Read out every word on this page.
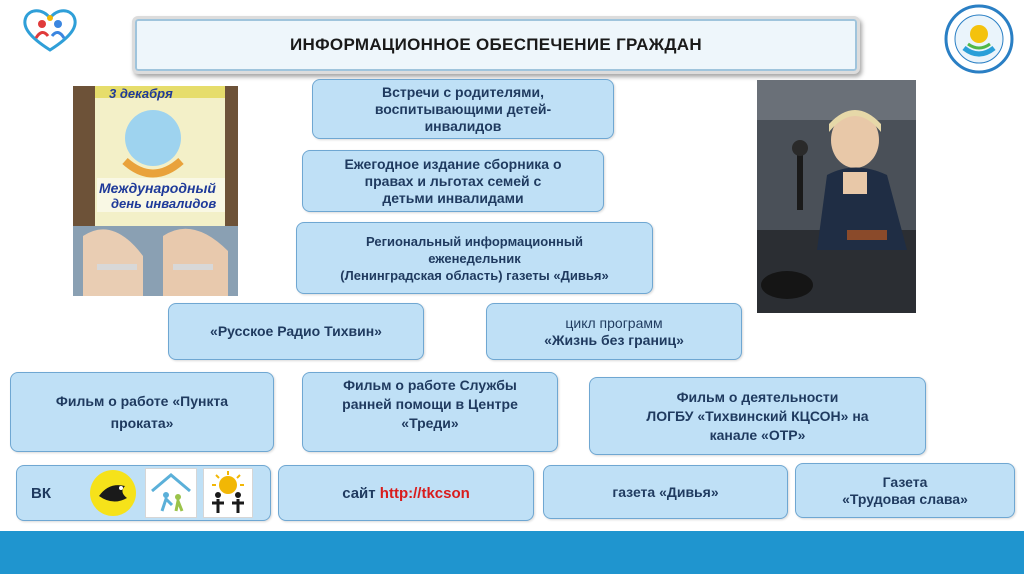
ИНФОРМАЦИОННОЕ ОБЕСПЕЧЕНИЕ ГРАЖДАН
3 декабря
Международный
день инвалидов
Встречи с родителями,
воспитывающими детей-
инвалидов
Ежегодное издание сборника о
правах и льготах семей с
детьми инвалидами
Региональный информационный
еженедельник
(Ленинградская область) газеты «Дивья»
«Русское Радио Тихвин»
цикл программ
«Жизнь без границ»
Фильм о работе «Пункта
проката»
Фильм о работе Службы
ранней помощи в Центре
«Треди»
Фильм о деятельности
ЛОГБУ «Тихвинский КЦСОН» на
канале «ОТР»
ВК	сайт http://tkcson	газета «Дивья»
Газета
«Трудовая слава»
